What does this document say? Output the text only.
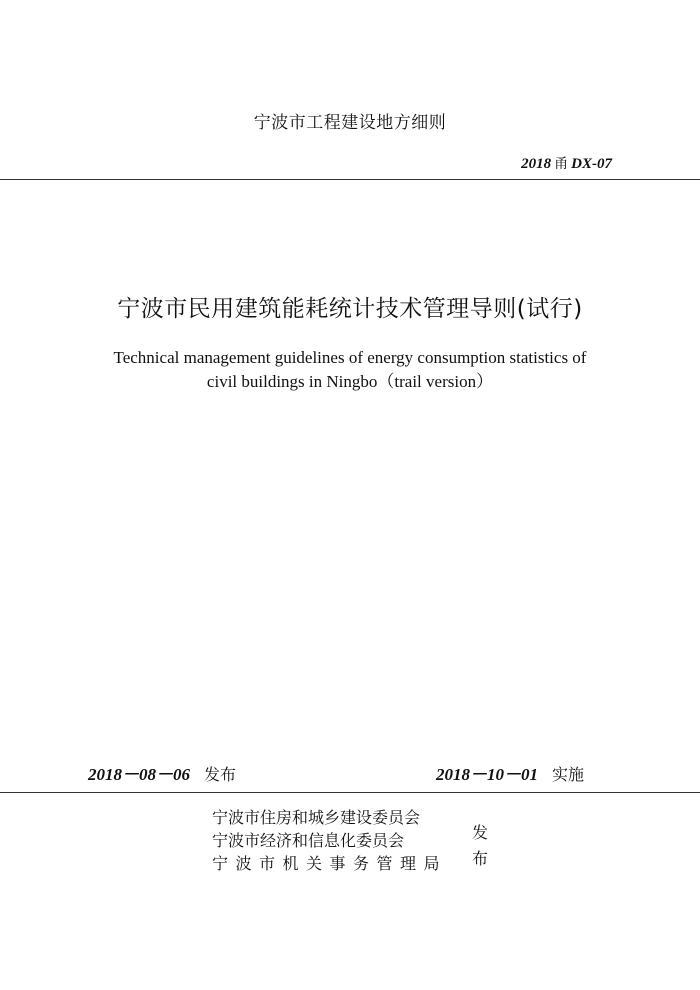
宁波市工程建设地方细则
2018 甬 DX-07
宁波市民用建筑能耗统计技术管理导则(试行)
Technical management guidelines of energy consumption statistics of
civil buildings in Ningbo（trail version）
2018－08－06 发布	2018－10－01 实施
宁波市住房和城乡建设委员会
宁波市经济和信息化委员会
宁波市机关事务管理局
发
布
